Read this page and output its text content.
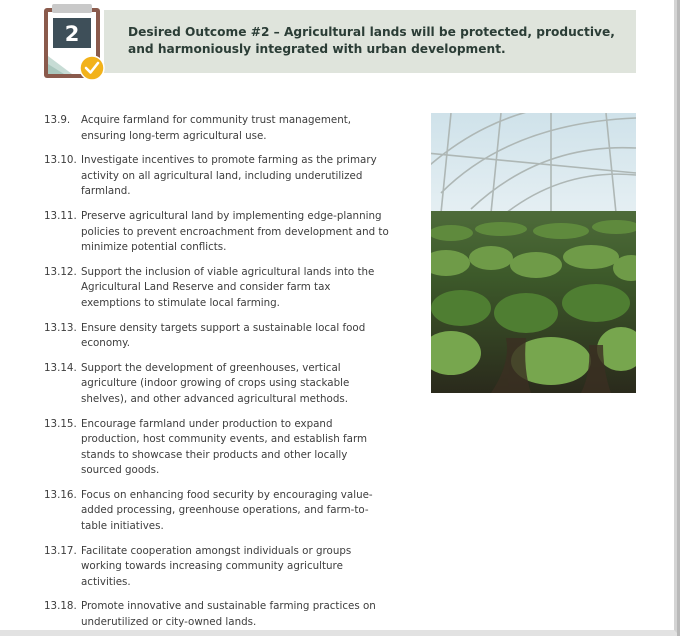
Desired Outcome #2 – Agricultural lands will be protected, productive, and harmoniously integrated with urban development.
2
13.9.	Acquire farmland for community trust management, ensuring long-term agricultural use.
13.10. Investigate incentives to promote farming as the primary activity on all agricultural land, including underutilized farmland.
13.11. Preserve agricultural land by implementing edge-planning policies to prevent encroachment from development and to minimize potential conflicts.
13.12. Support the inclusion of viable agricultural lands into the Agricultural Land Reserve and consider farm tax exemptions to stimulate local farming.
13.13. Ensure density targets support a sustainable local food economy.
13.14. Support the development of greenhouses, vertical agriculture (indoor growing of crops using stackable shelves), and other advanced agricultural methods.
13.15. Encourage farmland under production to expand production, host community events, and establish farm stands to showcase their products and other locally sourced goods.
13.16. Focus on enhancing food security by encouraging value-added processing, greenhouse operations, and farm-to-table initiatives.
13.17. Facilitate cooperation amongst individuals or groups working towards increasing community agriculture activities.
13.18. Promote innovative and sustainable farming practices on underutilized or city-owned lands.
